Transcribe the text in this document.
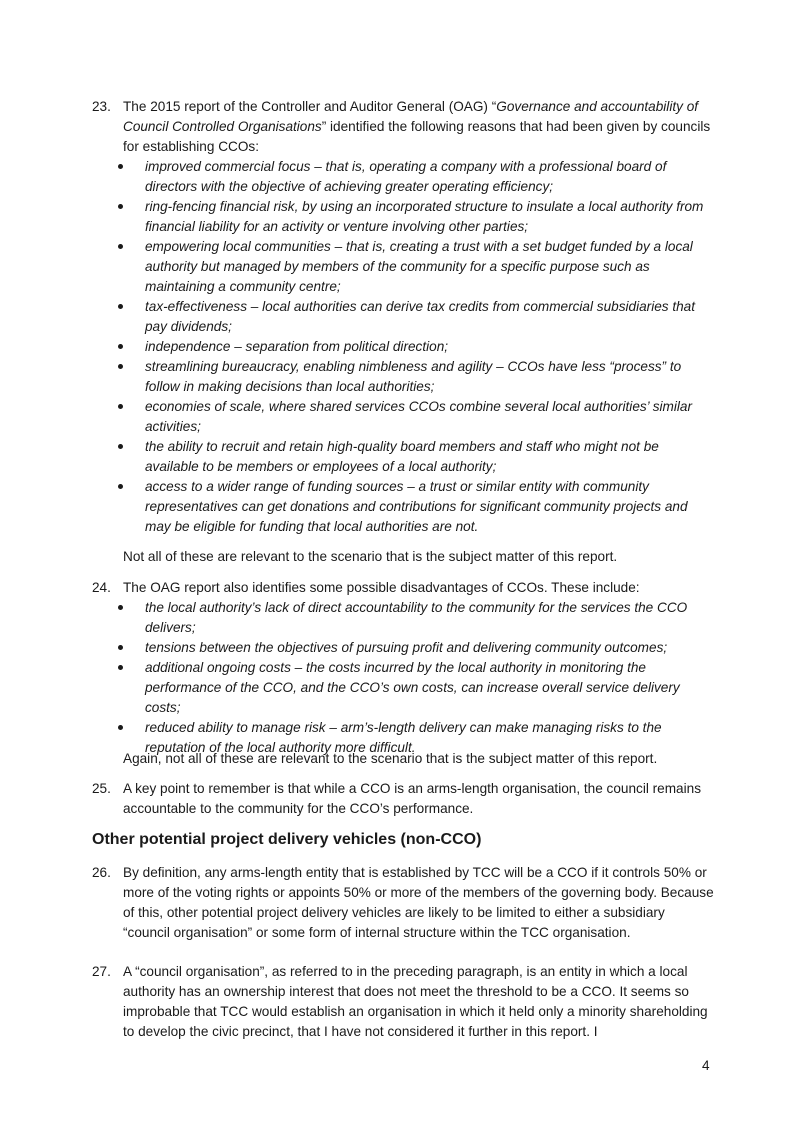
23. The 2015 report of the Controller and Auditor General (OAG) “Governance and accountability of Council Controlled Organisations” identified the following reasons that had been given by councils for establishing CCOs:
improved commercial focus – that is, operating a company with a professional board of directors with the objective of achieving greater operating efficiency;
ring-fencing financial risk, by using an incorporated structure to insulate a local authority from financial liability for an activity or venture involving other parties;
empowering local communities – that is, creating a trust with a set budget funded by a local authority but managed by members of the community for a specific purpose such as maintaining a community centre;
tax-effectiveness – local authorities can derive tax credits from commercial subsidiaries that pay dividends;
independence – separation from political direction;
streamlining bureaucracy, enabling nimbleness and agility – CCOs have less “process” to follow in making decisions than local authorities;
economies of scale, where shared services CCOs combine several local authorities’ similar activities;
the ability to recruit and retain high-quality board members and staff who might not be available to be members or employees of a local authority;
access to a wider range of funding sources – a trust or similar entity with community representatives can get donations and contributions for significant community projects and may be eligible for funding that local authorities are not.
Not all of these are relevant to the scenario that is the subject matter of this report.
24. The OAG report also identifies some possible disadvantages of CCOs. These include:
the local authority’s lack of direct accountability to the community for the services the CCO delivers;
tensions between the objectives of pursuing profit and delivering community outcomes;
additional ongoing costs – the costs incurred by the local authority in monitoring the performance of the CCO, and the CCO’s own costs, can increase overall service delivery costs;
reduced ability to manage risk – arm’s-length delivery can make managing risks to the reputation of the local authority more difficult.
Again, not all of these are relevant to the scenario that is the subject matter of this report.
25. A key point to remember is that while a CCO is an arms-length organisation, the council remains accountable to the community for the CCO’s performance.
Other potential project delivery vehicles (non-CCO)
26. By definition, any arms-length entity that is established by TCC will be a CCO if it controls 50% or more of the voting rights or appoints 50% or more of the members of the governing body. Because of this, other potential project delivery vehicles are likely to be limited to either a subsidiary “council organisation” or some form of internal structure within the TCC organisation.
27. A “council organisation”, as referred to in the preceding paragraph, is an entity in which a local authority has an ownership interest that does not meet the threshold to be a CCO. It seems so improbable that TCC would establish an organisation in which it held only a minority shareholding to develop the civic precinct, that I have not considered it further in this report. I
4
